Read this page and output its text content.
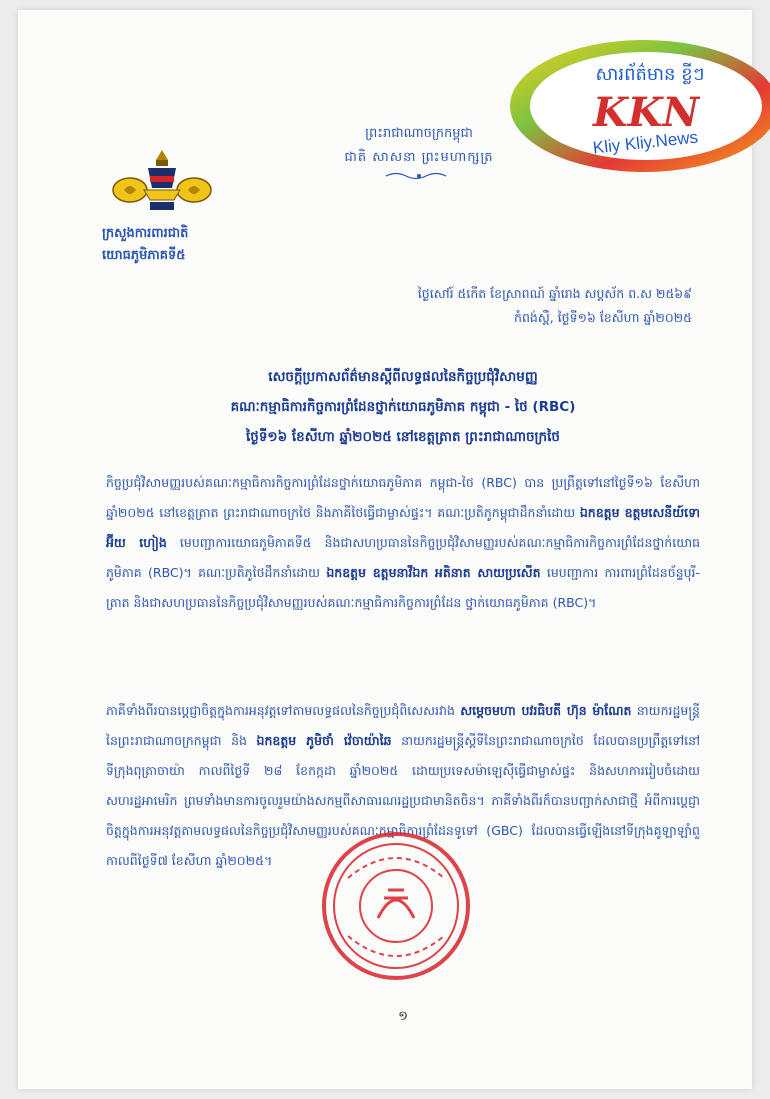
ក្រសួងការពារជាតិ
យោធភូមិភាគទី៥
ព្រះរាជាណាចក្រកម្ពុជា
ជាតិ សាសនា ព្រះមហាក្សត្រ
សារព័ត៌មាន ខ្លីៗ
KKN
Kliy Kliy.News
ថ្ងៃសៅរ៍ ៥កើត ខែស្រាពណ៍ ឆ្នាំរោង សប្តស័ក ព.ស ២៥៦៩
កំពង់ស្ពឺ, ថ្ងៃទី១៦ ខែសីហា ឆ្នាំ២០២៥
សេចក្តីប្រកាសព័ត៌មានស្តីពីលទ្ធផលនៃកិច្ចប្រជុំវិសាមញ្ញ
គណៈកម្មាធិការកិច្ចការព្រំដែនថ្នាក់យោធភូមិភាគ កម្ពុជា - ថៃ (RBC)
ថ្ងៃទី១៦ ខែសីហា ឆ្នាំ២០២៥ នៅខេត្តត្រាត ព្រះរាជាណាចក្រថៃ
កិច្ចប្រជុំវិសាមញ្ញរបស់គណៈកម្មាធិការកិច្ចការព្រំដែនថ្នាក់យោធភូមិភាគ កម្ពុជា-ថៃ (RBC) បាន ប្រព្រឹត្តទៅនៅថ្ងៃទី១៦ ខែសីហា ឆ្នាំ២០២៥ នៅខេត្តត្រាត ព្រះរាជាណាចក្រថៃ និងភាគីថៃធ្វើជាម្ចាស់ផ្ទះ។ គណៈប្រតិភូកម្ពុជាដឹកនាំដោយ ឯកឧត្តម ឧត្តមសេនីយ៍ទោ អ៊ីយ ហៀង មេបញ្ជាការយោធភូមិភាគទី៥ និងជាសហប្រធាននៃកិច្ចប្រជុំវិសាមញ្ញរបស់គណៈកម្មាធិការកិច្ចការព្រំដែនថ្នាក់យោធភូមិភាគ (RBC)។ គណៈប្រតិភូថៃដឹកនាំដោយ ឯកឧត្តម ឧត្តមនាវីឯក អតិនាត សាយប្រសើត មេបញ្ជាការ ការពារព្រំដែនច័ន្ទបុរី-ត្រាត និងជាសហប្រធាននៃកិច្ចប្រជុំវិសាមញ្ញរបស់គណៈកម្មាធិការកិច្ចការព្រំដែន ថ្នាក់យោធភូមិភាគ (RBC)។
ភាគីទាំងពីរបានប្តេជ្ញាចិត្តក្នុងការអនុវត្តទៅតាមលទ្ធផលនៃកិច្ចប្រជុំពិសេសរវាង សម្តេចមហា បវរធិបតី ហ៊ុន ម៉ាណែត នាយករដ្ឋមន្ត្រីនៃព្រះរាជាណាចក្រកម្ពុជា និង ឯកឧត្តម ភូមិថាំ វ៉េចាយ៉ាឆៃ នាយករដ្ឋមន្ត្រីស្តីទីនៃព្រះរាជាណាចក្រថៃ ដែលបានប្រព្រឹត្តទៅនៅទីក្រុងពុត្រាចាយ៉ា កាលពីថ្ងៃទី ២៨ ខែកក្កដា ឆ្នាំ២០២៥ ដោយប្រទេសម៉ាឡេស៊ីធ្វើជាម្ចាស់ផ្ទះ និងសហការរៀបចំដោយសហរដ្ឋអាមេរិក ព្រមទាំងមានការចូលរួមយ៉ាងសកម្មពីសាធារណរដ្ឋប្រជាមានិតចិន។ ភាគីទាំងពីរក៏បានបញ្ជាក់សាជាថ្មី អំពីការប្តេជ្ញាចិត្តក្នុងការអនុវត្តតាមលទ្ធផលនៃកិច្ចប្រជុំវិសាមញ្ញរបស់គណៈកម្មាធិការព្រំដែនទូទៅ (GBC) ដែលបានធ្វើឡើងនៅទីក្រុងគូឡាឡាំពួ កាលពីថ្ងៃទី៧ ខែសីហា ឆ្នាំ២០២៥។
១
